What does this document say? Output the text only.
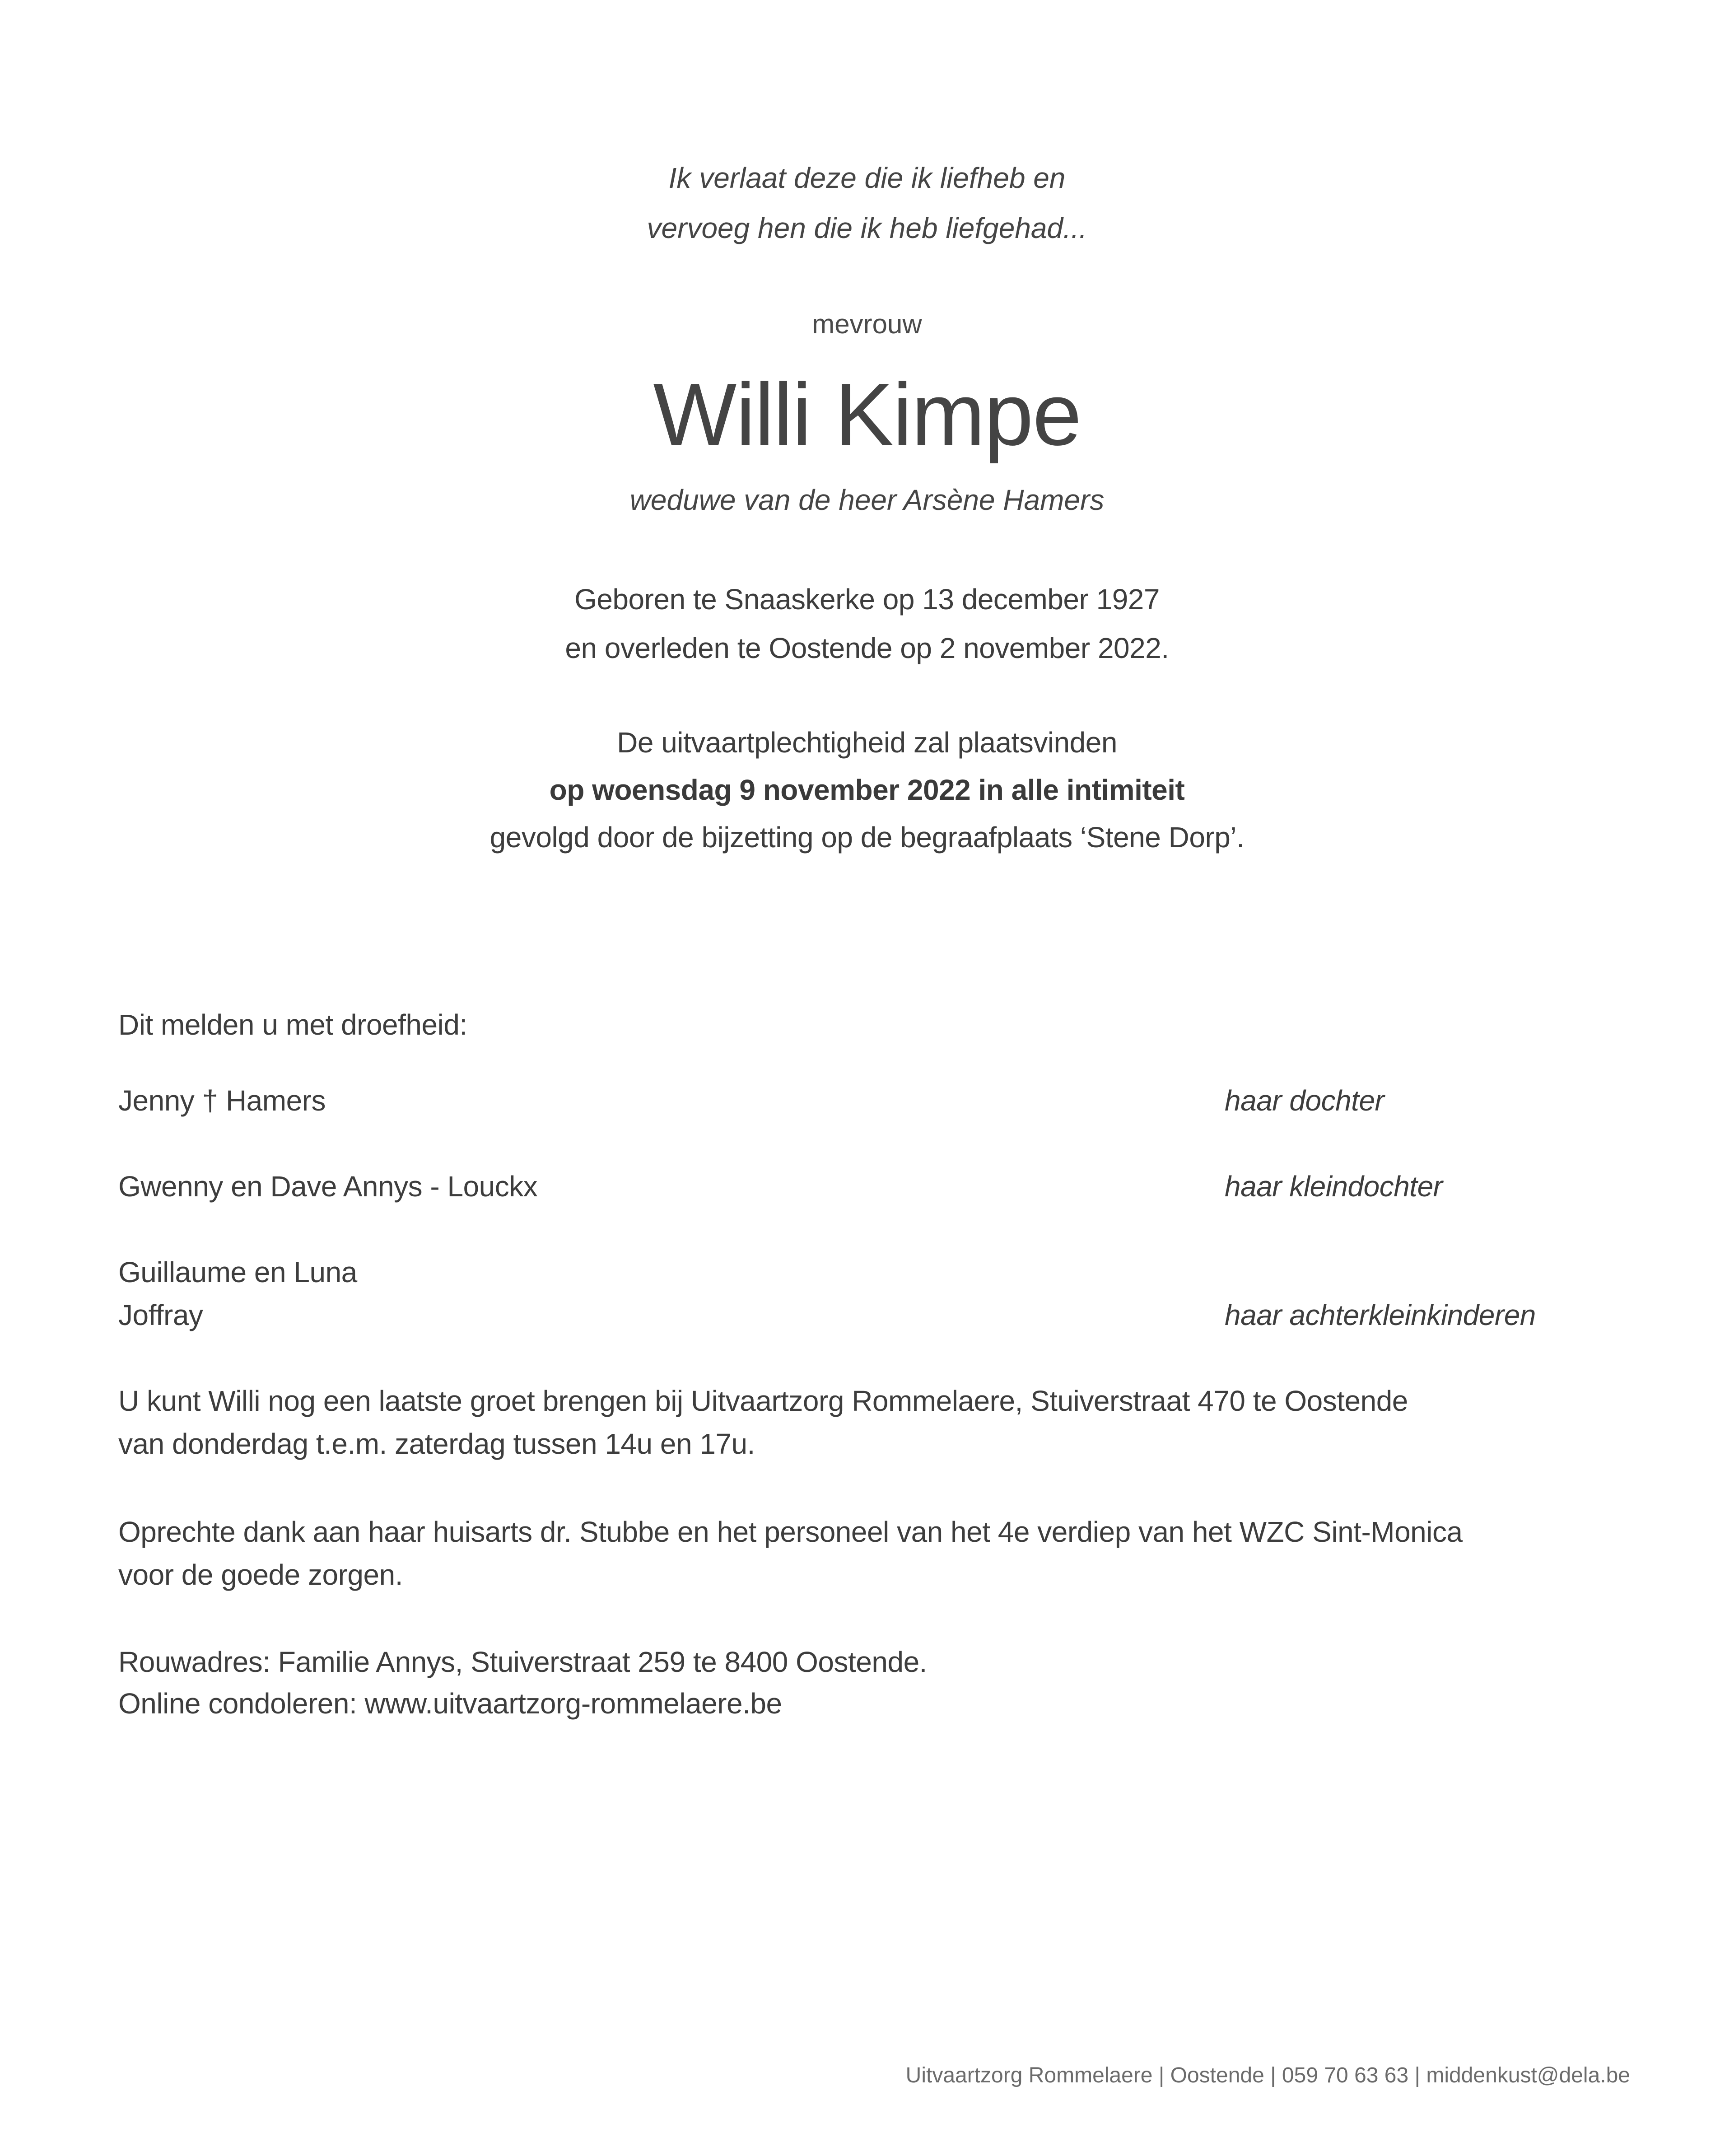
Ik verlaat deze die ik liefheb en
vervoeg hen die ik heb liefgehad...
mevrouw
Willi Kimpe
weduwe van de heer Arsène Hamers
Geboren te Snaaskerke op 13 december 1927
en overleden te Oostende op 2 november 2022.
De uitvaartplechtigheid zal plaatsvinden
op woensdag 9 november 2022 in alle intimiteit
gevolgd door de bijzetting op de begraafplaats ‘Stene Dorp’.
Dit melden u met droefheid:
Jenny † Hamers	haar dochter
Gwenny en Dave Annys - Louckx	haar kleindochter
Guillaume en Luna
Joffray	haar achterkleinkinderen
U kunt Willi nog een laatste groet brengen bij Uitvaartzorg Rommelaere, Stuiverstraat 470 te Oostende
van donderdag t.e.m. zaterdag tussen 14u en 17u.
Oprechte dank aan haar huisarts dr. Stubbe en het personeel van het 4e verdiep van het WZC Sint-Monica
voor de goede zorgen.
Rouwadres: Familie Annys, Stuiverstraat 259 te 8400 Oostende.
Online condoleren: www.uitvaartzorg-rommelaere.be
Uitvaartzorg Rommelaere | Oostende | 059 70 63 63 | middenkust@dela.be
